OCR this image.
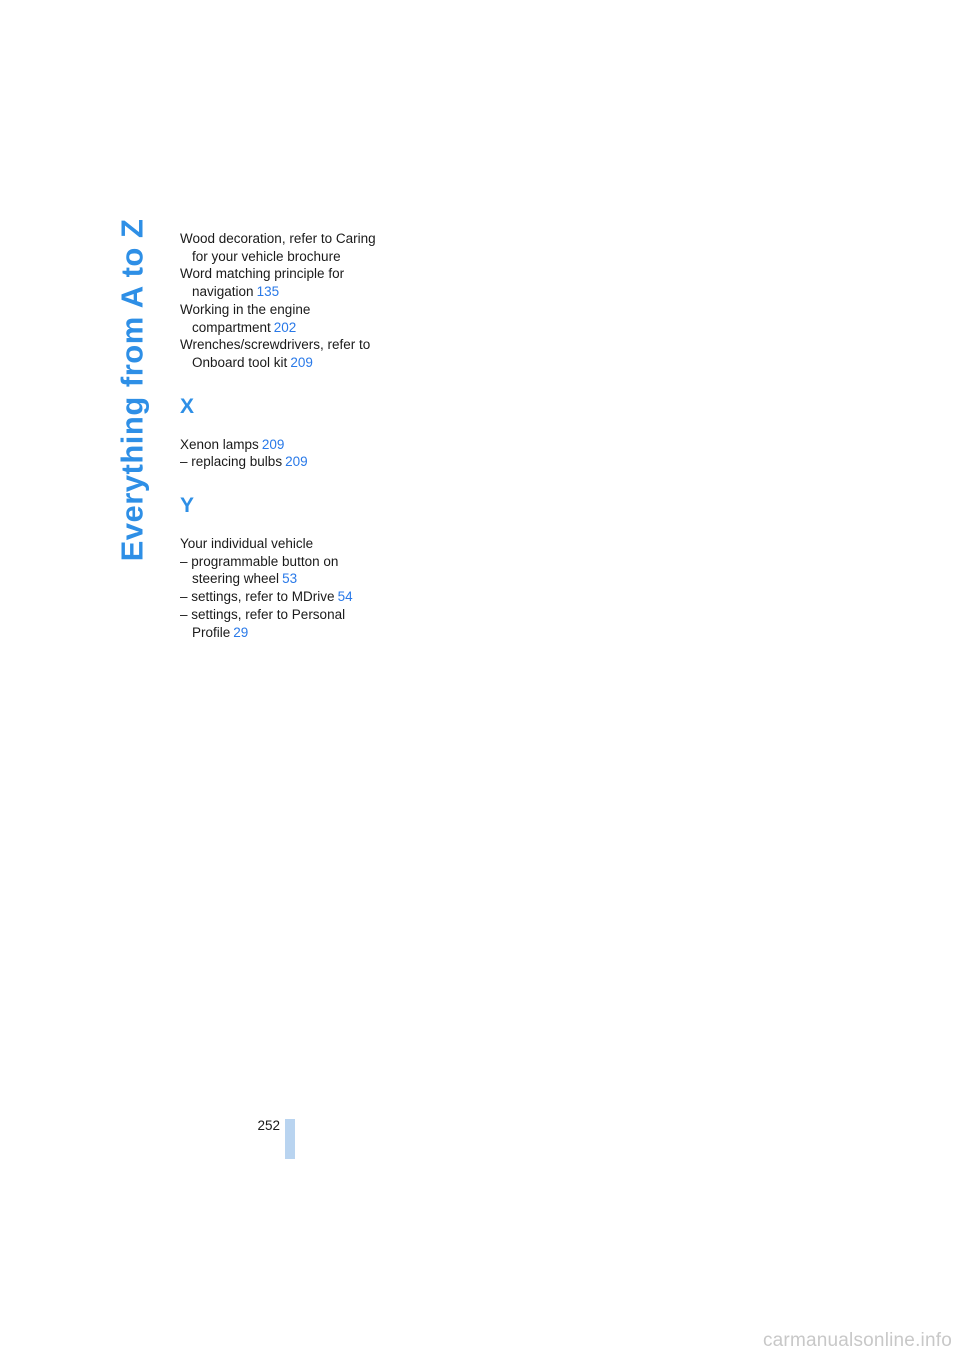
Everything from A to Z Wood decoration, refer to Caring for your vehicle brochure

Word matching principle for navigation 135

Working in the engine compartment 202

Wrenches/screwdrivers, refer to Onboard tool kit 209

X

Xenon lamps 209

– replacing bulbs 209

Y

Your individual vehicle

– programmable button on steering wheel 53

– settings, refer to MDrive 54

– settings, refer to Personal Profile 29

252
carmanualsonline.info
